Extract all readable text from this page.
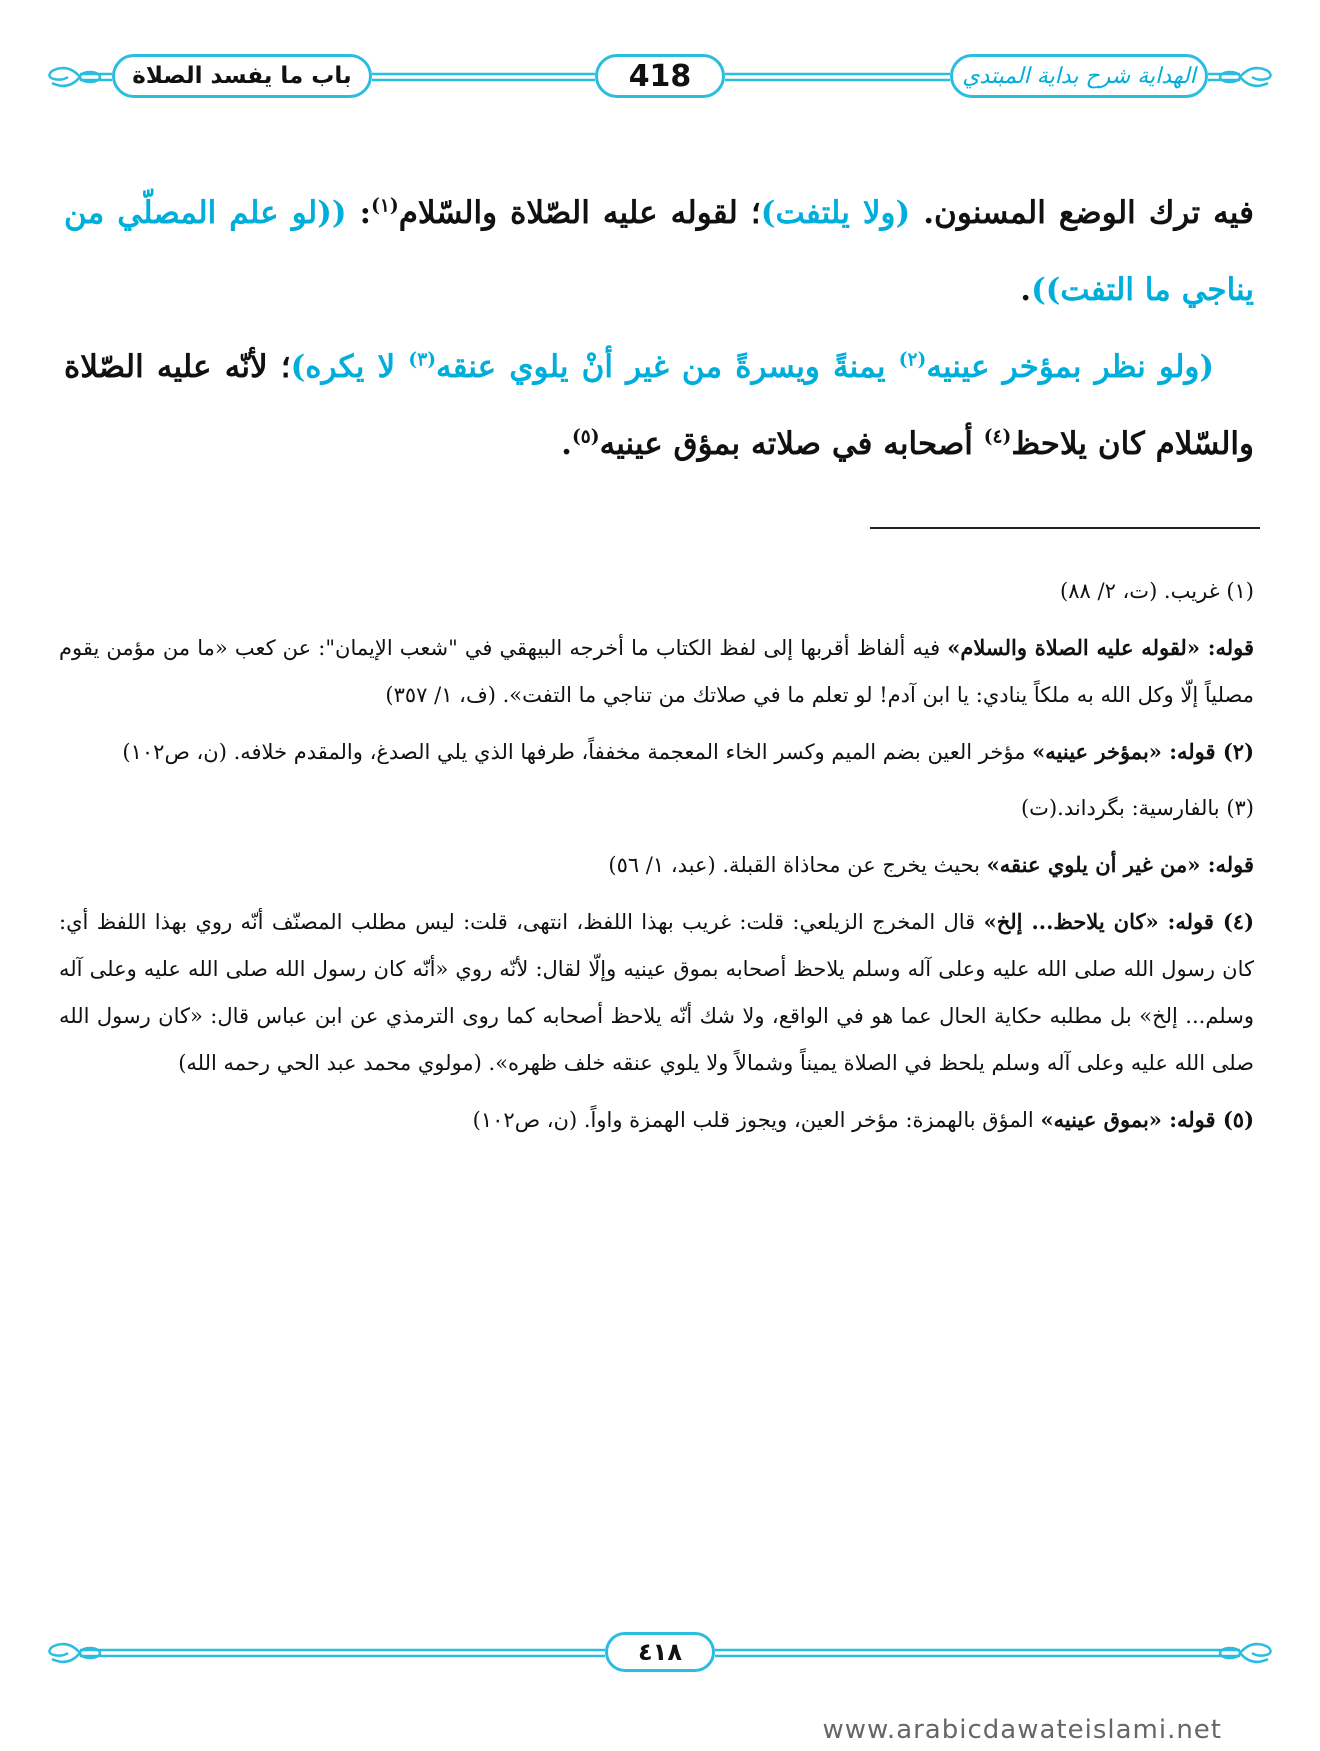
باب ما يفسد الصلاة	418	الهداية شرح بداية المبتدي

فيه ترك الوضع المسنون. (ولا يلتفت)؛ لقوله عليه الصّلاة والسّلام$^{(١)}$: ((لو علم المصلّي من يناجي ما التفت)).

(ولو نظر بمؤخر عينيه$^{(٢)}$ يمنةً ويسرةً من غير أنْ يلوي عنقه$^{(٣)}$ لا يكره)؛ لأنّه عليه الصّلاة والسّلام كان يلاحظ$^{(٤)}$ أصحابه في صلاته بمؤق عينيه$^{(٥)}$.

(١) غريب. (ت، ٢/ ٨٨)

قوله: «لقوله عليه الصلاة والسلام» فيه ألفاظ أقربها إلى لفظ الكتاب ما أخرجه البيهقي في "شعب الإيمان": عن كعب «ما من مؤمن يقوم مصلياً إلّا وكل الله به ملكاً ينادي: يا ابن آدم! لو تعلم ما في صلاتك من تناجي ما التفت». (ف، ١/ ٣٥٧)

(٢) قوله: «بمؤخر عينيه» مؤخر العين بضم الميم وكسر الخاء المعجمة مخففاً، طرفها الذي يلي الصدغ، والمقدم خلافه. (ن، ص١٠٢)

(٣) بالفارسية: بگرداند.(ت)

قوله: «من غير أن يلوي عنقه» بحيث يخرج عن محاذاة القبلة. (عبد، ١/ ٥٦)

(٤) قوله: «كان يلاحظ... إلخ» قال المخرج الزيلعي: قلت: غريب بهذا اللفظ، انتهى، قلت: ليس مطلب المصنّف أنّه روي بهذا اللفظ أي: كان رسول الله صلى الله عليه وعلى آله وسلم يلاحظ أصحابه بموق عينيه وإلّا لقال: لأنّه روي «أنّه كان رسول الله صلى الله عليه وعلى آله وسلم... إلخ» بل مطلبه حكاية الحال عما هو في الواقع، ولا شك أنّه يلاحظ أصحابه كما روى الترمذي عن ابن عباس قال: «كان رسول الله صلى الله عليه وعلى آله وسلم يلحظ في الصلاة يميناً وشمالاً ولا يلوي عنقه خلف ظهره». (مولوي محمد عبد الحي رحمه الله)

(٥) قوله: «بموق عينيه» المؤق بالهمزة: مؤخر العين، ويجوز قلب الهمزة واواً. (ن، ص١٠٢)

٤١٨
www.arabicdawateislami.net
